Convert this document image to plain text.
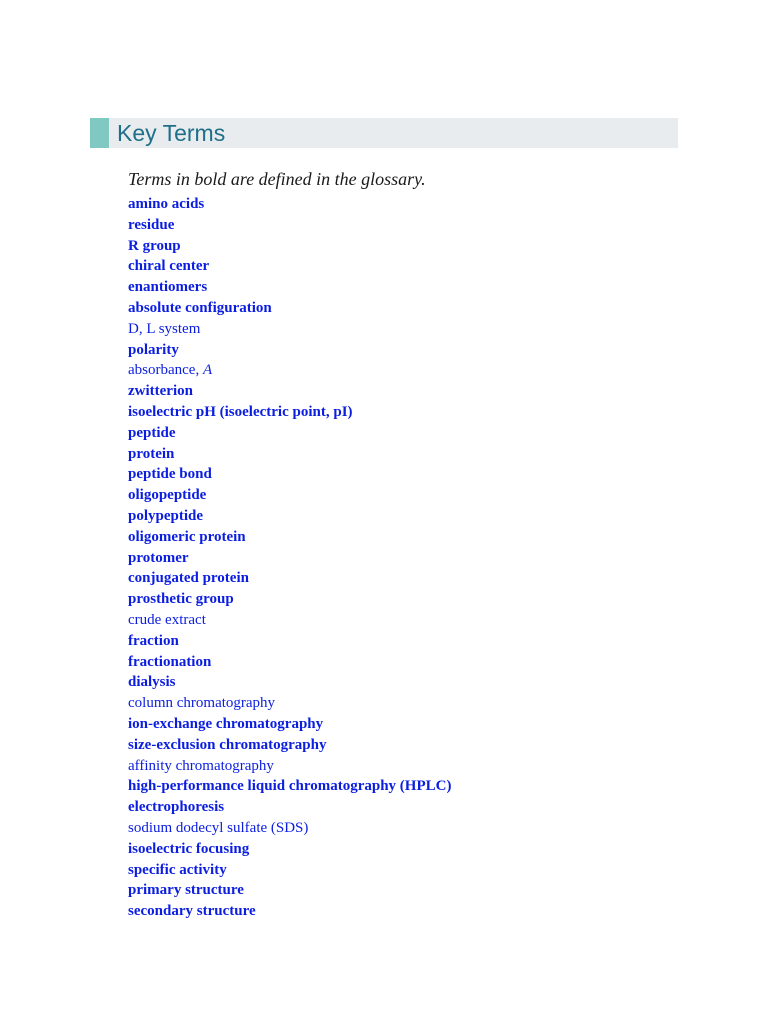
Key Terms
Terms in bold are defined in the glossary.
amino acids
residue
R group
chiral center
enantiomers
absolute configuration
D, L system
polarity
absorbance, A
zwitterion
isoelectric pH (isoelectric point, pI)
peptide
protein
peptide bond
oligopeptide
polypeptide
oligomeric protein
protomer
conjugated protein
prosthetic group
crude extract
fraction
fractionation
dialysis
column chromatography
ion-exchange chromatography
size-exclusion chromatography
affinity chromatography
high-performance liquid chromatography (HPLC)
electrophoresis
sodium dodecyl sulfate (SDS)
isoelectric focusing
specific activity
primary structure
secondary structure
